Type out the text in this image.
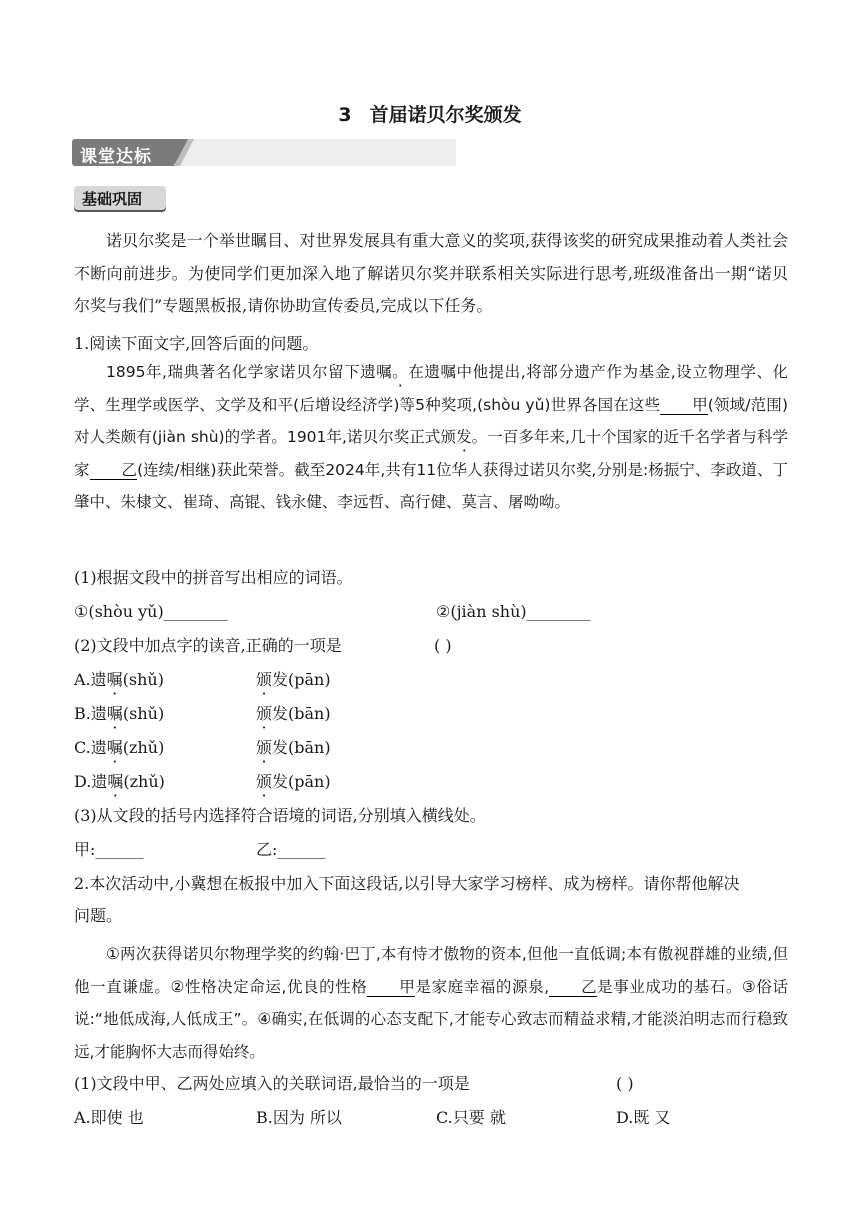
3 首届诺贝尔奖颁发
课堂达标
基础巩固
诺贝尔奖是一个举世瞩目、对世界发展具有重大意义的奖项,获得该奖的研究成果推动着人类社会不断向前进步。为使同学们更加深入地了解诺贝尔奖并联系相关实际进行思考,班级准备出一期“诺贝尔奖与我们”专题黑板报,请你协助宣传委员,完成以下任务。
1.阅读下面文字,回答后面的问题。
1895年,瑞典著名化学家诺贝尔留下遗嘱。在遗嘱中他提出,将部分遗产作为基金,设立物理学、化学、生理学或医学、文学及和平(后增设经济学)等5种奖项,(shòu yǔ)世界各国在这些 甲(领域/范围)对人类颇有(jiàn shù)的学者。1901年,诺贝尔奖正式颁发。一百多年来,几十个国家的近千名学者与科学家 乙(连续/相继)获此荣誉。截至2024年,共有11位华人获得过诺贝尔奖,分别是:杨振宁、李政道、丁肇中、朱棣文、崔琦、高锟、钱永健、李远哲、高行健、莫言、屠呦呦。
(1)根据文段中的拼音写出相应的词语。
①(shòu yǔ)________	②(jiàn shù)________
(2)文段中加点字的读音,正确的一项是	( )
A.遗嘱(shǔ)	颁发(pān)
B.遗嘱(shǔ)	颁发(bān)
C.遗嘱(zhǔ)	颁发(bān)
D.遗嘱(zhǔ)	颁发(pān)
(3)从文段的括号内选择符合语境的词语,分别填入横线处。
甲:______	乙:______
2.本次活动中,小冀想在板报中加入下面这段话,以引导大家学习榜样、成为榜样。请你帮他解决
问题。
①两次获得诺贝尔物理学奖的约翰·巴丁,本有恃才傲物的资本,但他一直低调;本有傲视群雄的业绩,但他一直谦虚。②性格决定命运,优良的性格 甲是家庭幸福的源泉, 乙是事业成功的基石。③俗话说:“地低成海,人低成王”。④确实,在低调的心态支配下,才能专心致志而精益求精,才能淡泊明志而行稳致远,才能胸怀大志而得始终。
(1)文段中甲、乙两处应填入的关联词语,最恰当的一项是	( )
A.即使 也	B.因为 所以	C.只要 就	D.既 又
